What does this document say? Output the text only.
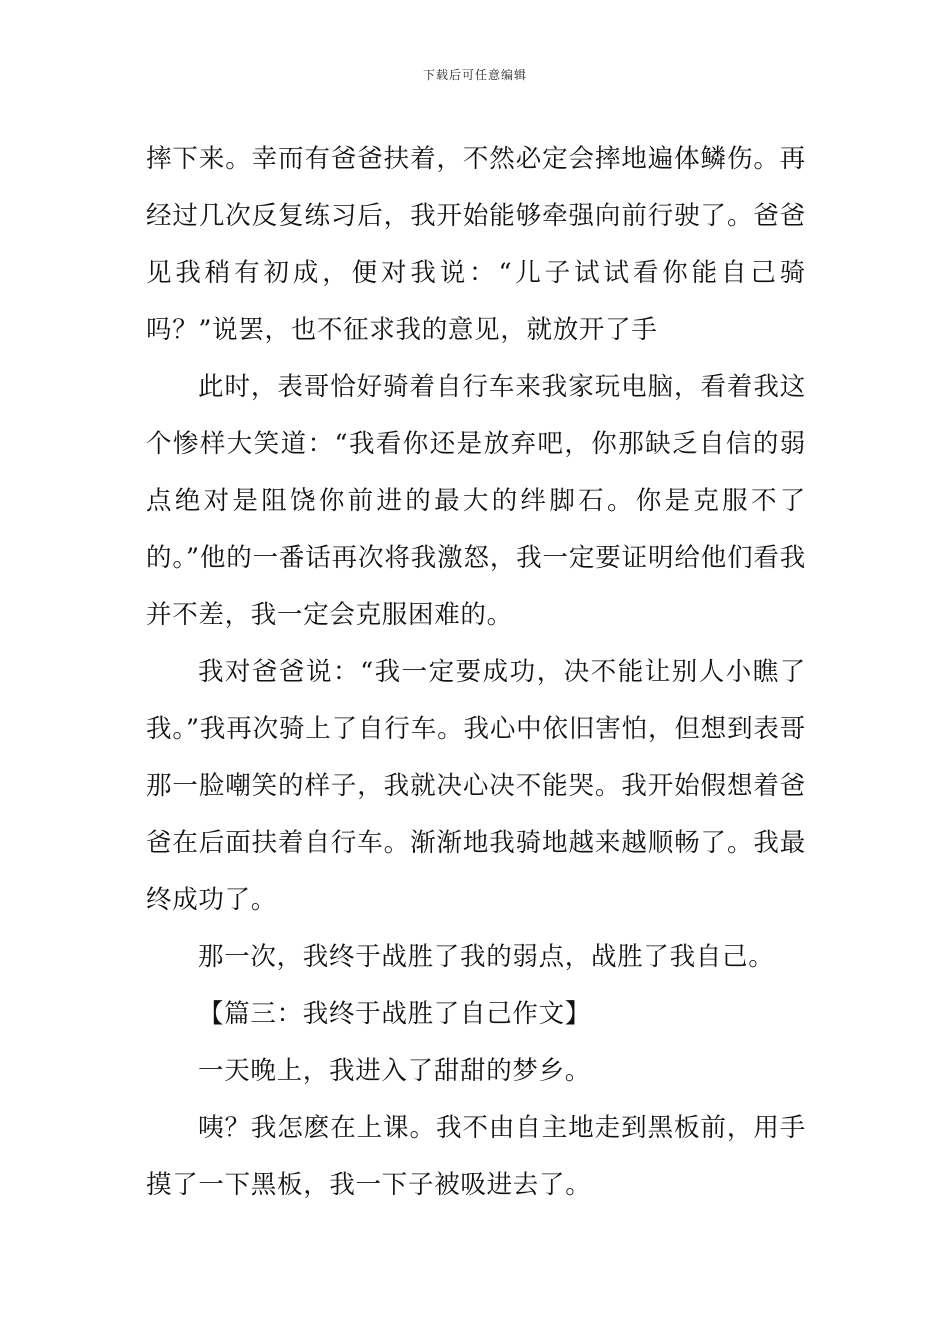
下载后可任意编辑

摔下来。幸而有爸爸扶着，不然必定会摔地遍体鳞伤。再经过几次反复练习后，我开始能够牵强向前行驶了。爸爸见我稍有初成，便对我说：“儿子试试看你能自己骑吗？”说罢，也不征求我的意见，就放开了手

此时，表哥恰好骑着自行车来我家玩电脑，看着我这个惨样大笑道：“我看你还是放弃吧，你那缺乏自信的弱点绝对是阻饶你前进的最大的绊脚石。你是克服不了的。”他的一番话再次将我激怒，我一定要证明给他们看我并不差，我一定会克服困难的。

我对爸爸说：“我一定要成功，决不能让别人小瞧了我。”我再次骑上了自行车。我心中依旧害怕，但想到表哥那一脸嘲笑的样子，我就决心决不能哭。我开始假想着爸爸在后面扶着自行车。渐渐地我骑地越来越顺畅了。我最终成功了。

那一次，我终于战胜了我的弱点，战胜了我自己。

【篇三：我终于战胜了自己作文】

一天晚上，我进入了甜甜的梦乡。

咦？我怎麽在上课。我不由自主地走到黑板前，用手摸了一下黑板，我一下子被吸进去了。
